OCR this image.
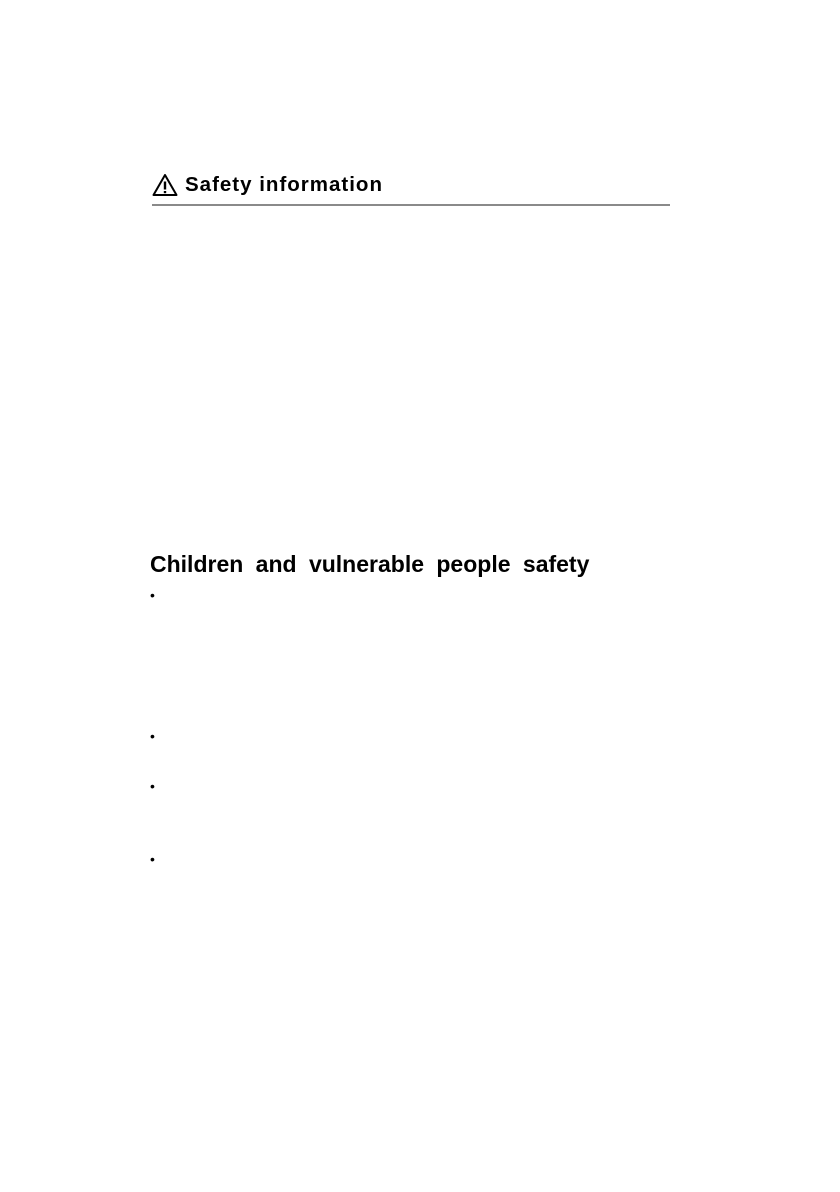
Safety information
Children and vulnerable people safety
•
•
•
•
